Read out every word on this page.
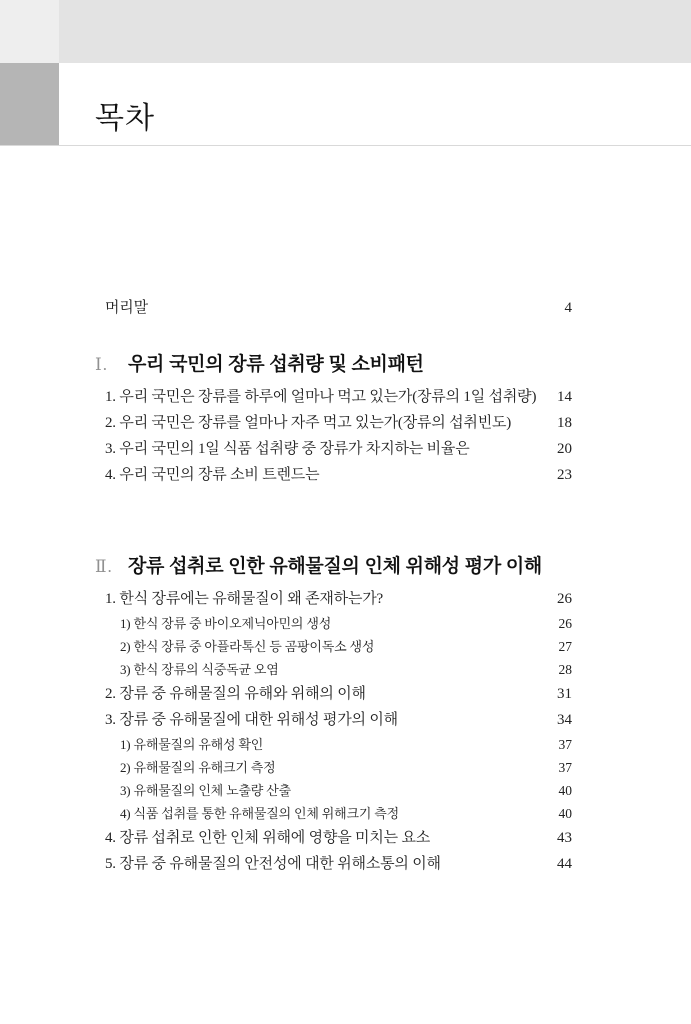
목차
머리말	4
Ⅰ.	우리 국민의 장류 섭취량 및 소비패턴
1. 우리 국민은 장류를 하루에 얼마나 먹고 있는가(장류의 1일 섭취량) 14
2. 우리 국민은 장류를 얼마나 자주 먹고 있는가(장류의 섭취빈도)	18
3. 우리 국민의 1일 식품 섭취량 중 장류가 차지하는 비율은	20
4. 우리 국민의 장류 소비 트렌드는	23
Ⅱ. 장류 섭취로 인한 유해물질의 인체 위해성 평가 이해
1. 한식 장류에는 유해물질이 왜 존재하는가?	26
1) 한식 장류 중 바이오제닉아민의 생성	26
2) 한식 장류 중 아플라톡신 등 곰팡이독소 생성	27
3) 한식 장류의 식중독균 오염	28
2. 장류 중 유해물질의 유해와 위해의 이해	31
3. 장류 중 유해물질에 대한 위해성 평가의 이해	34
1) 유해물질의 유해성 확인	37
2) 유해물질의 유해크기 측정	37
3) 유해물질의 인체 노출량 산출	40
4) 식품 섭취를 통한 유해물질의 인체 위해크기 측정	40
4. 장류 섭취로 인한 인체 위해에 영향을 미치는 요소	43
5. 장류 중 유해물질의 안전성에 대한 위해소통의 이해	44
